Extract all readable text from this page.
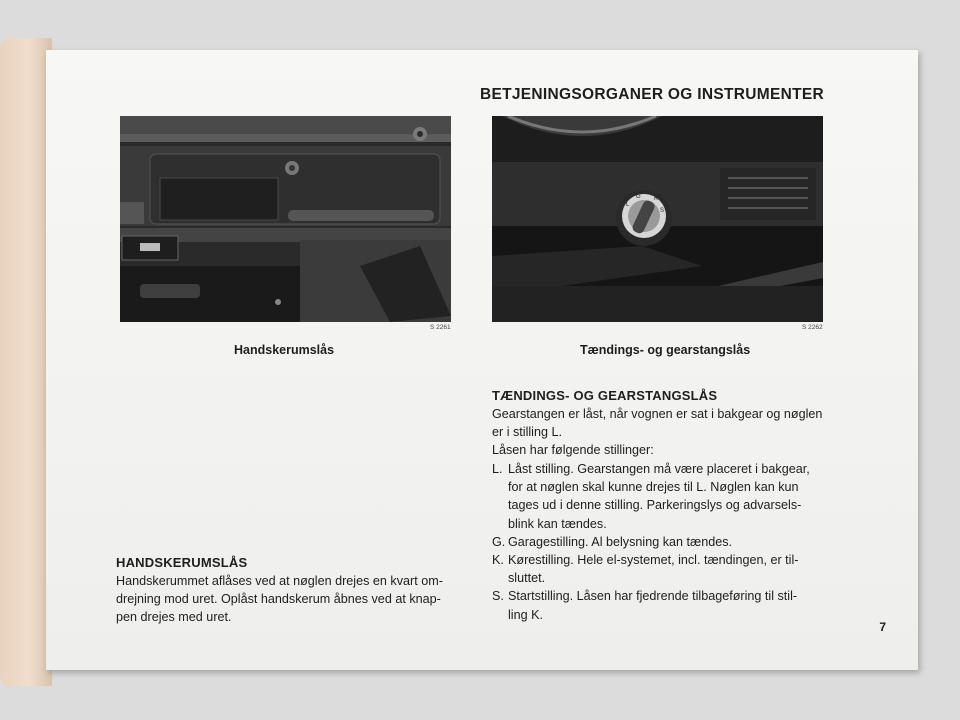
BETJENINGSORGANER OG INSTRUMENTER
S 2261
Handskerumslås
L
G K
S
S 2262
Tændings- og gearstangslås
TÆNDINGS- OG GEARSTANGSLÅS

Gearstangen er låst, når vognen er sat i bakgear og nøglen
er i stilling L.
Låsen har følgende stillinger:

L. Låst stilling. Gearstangen må være placeret i bakgear,
for at nøglen skal kunne drejes til L. Nøglen kan kun
tages ud i denne stilling. Parkeringslys og advarsels-
blink kan tændes.
G. Garagestilling. Al belysning kan tændes.
K. Kørestilling. Hele el-systemet, incl. tændingen, er til-
sluttet.
S. Startstilling. Låsen har fjedrende tilbageføring til stil-
ling K.
HANDSKERUMSLÅS

Handskerummet aflåses ved at nøglen drejes en kvart om-
drejning mod uret. Oplåst handskerum åbnes ved at knap-
pen drejes med uret.

7
